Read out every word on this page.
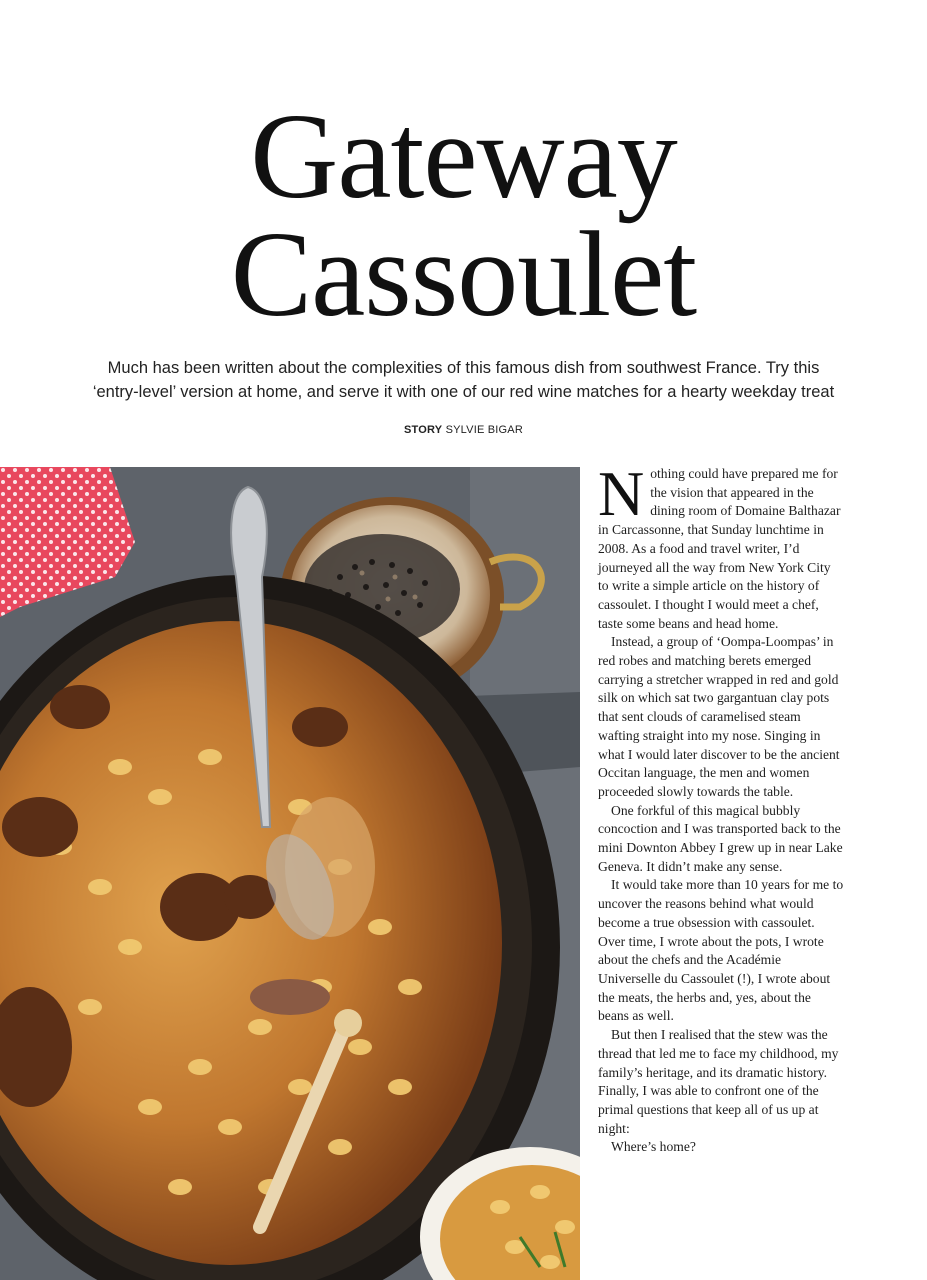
Gateway
Cassoulet

Much has been written about the complexities of this famous dish from southwest France. Try this
‘entry-level’ version at home, and serve it with one of our red wine matches for a hearty weekday treat

STORY SYLVIE BIGAR

Nothing could have prepared me for the vision that appeared in the dining room of Domaine Balthazar in Carcassonne, that Sunday lunchtime in 2008. As a food and travel writer, I’d journeyed all the way from New York City to write a simple article on the history of cassoulet. I thought I would meet a chef, taste some beans and head home.

Instead, a group of ‘Oompa-Loompas’ in red robes and matching berets emerged carrying a stretcher wrapped in red and gold silk on which sat two gargantuan clay pots that sent clouds of caramelised steam wafting straight into my nose. Singing in what I would later discover to be the ancient Occitan language, the men and women proceeded slowly towards the table.

One forkful of this magical bubbly concoction and I was transported back to the mini Downton Abbey I grew up in near Lake Geneva. It didn’t make any sense.

It would take more than 10 years for me to uncover the reasons behind what would become a true obsession with cassoulet. Over time, I wrote about the pots, I wrote about the chefs and the Académie Universelle du Cassoulet (!), I wrote about the meats, the herbs and, yes, about the beans as well.

But then I realised that the stew was the thread that led me to face my childhood, my family’s heritage, and its dramatic history. Finally, I was able to confront one of the primal questions that keep all of us up at night:

Where’s home?
